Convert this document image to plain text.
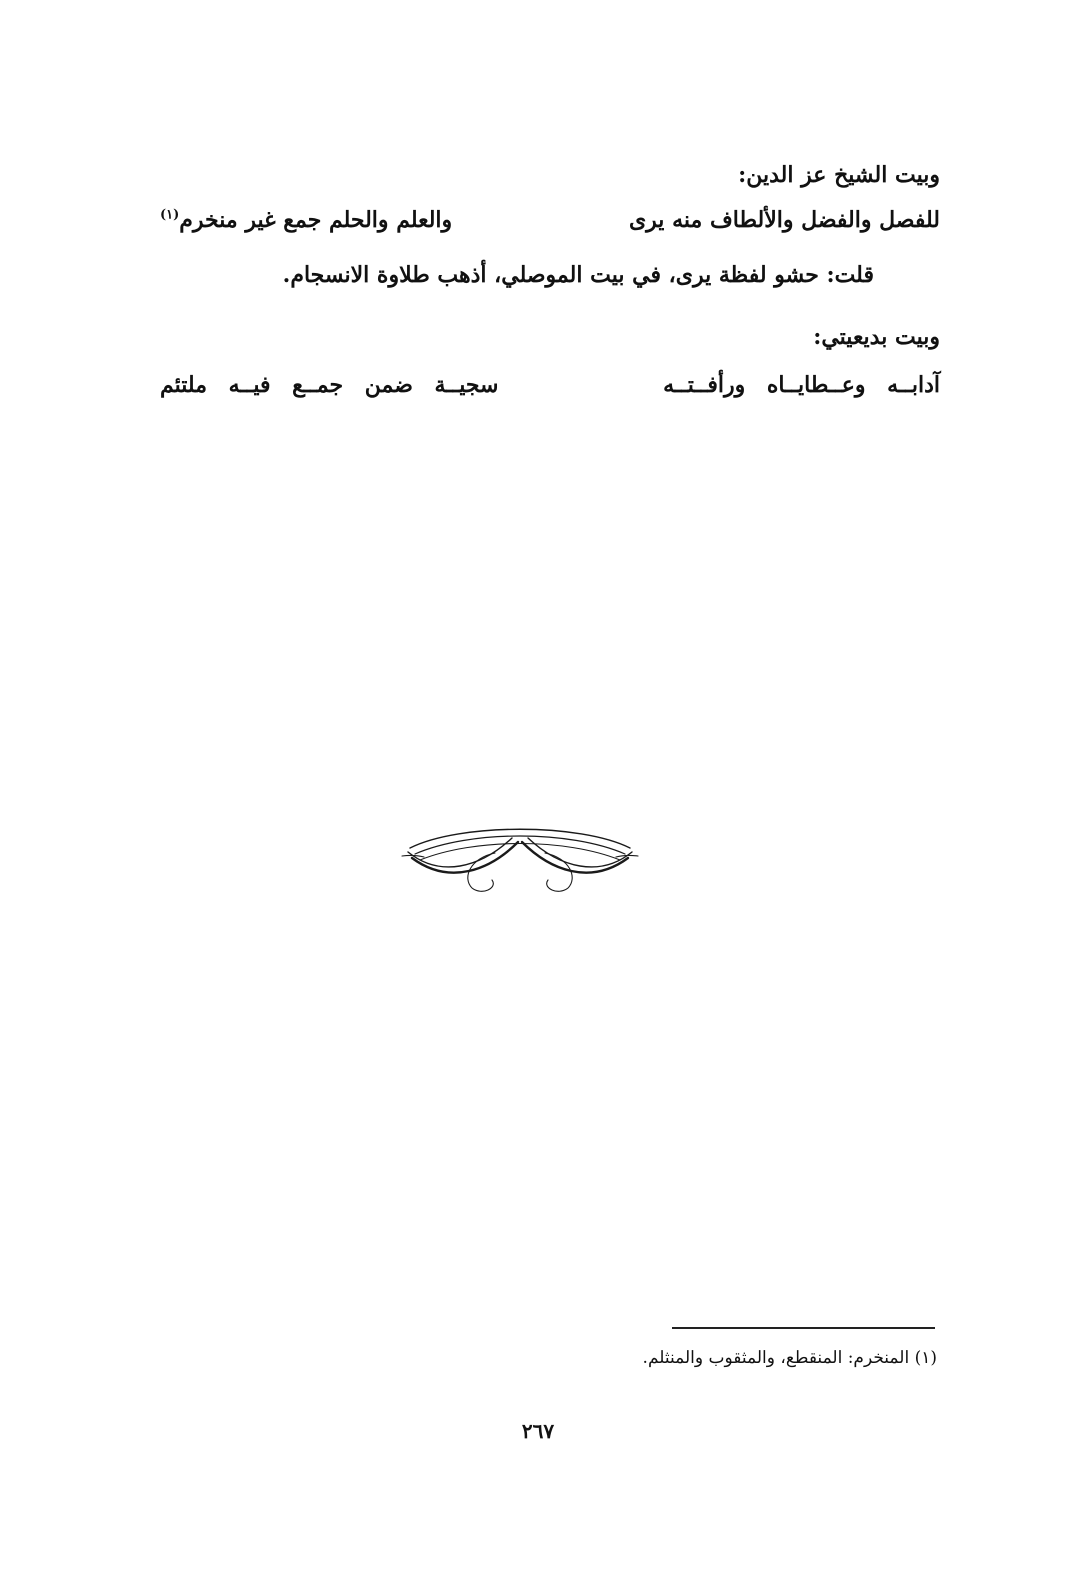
وبيت الشيخ عز الدين:
للفصل والفضل والألطاف منه يرى
والعلم والحلم جمع غير منخرم$^{(١)}$
قلت: حشو لفظة يرى، في بيت الموصلي، أذهب طلاوة الانسجام.
وبيت بديعيتي:
آدابــه وعــطايــاه ورأفــتــه
سجيــة ضمن جمــع فيــه ملتئم
(١) المنخرم: المنقطع، والمثقوب والمنثلم.
٢٦٧
